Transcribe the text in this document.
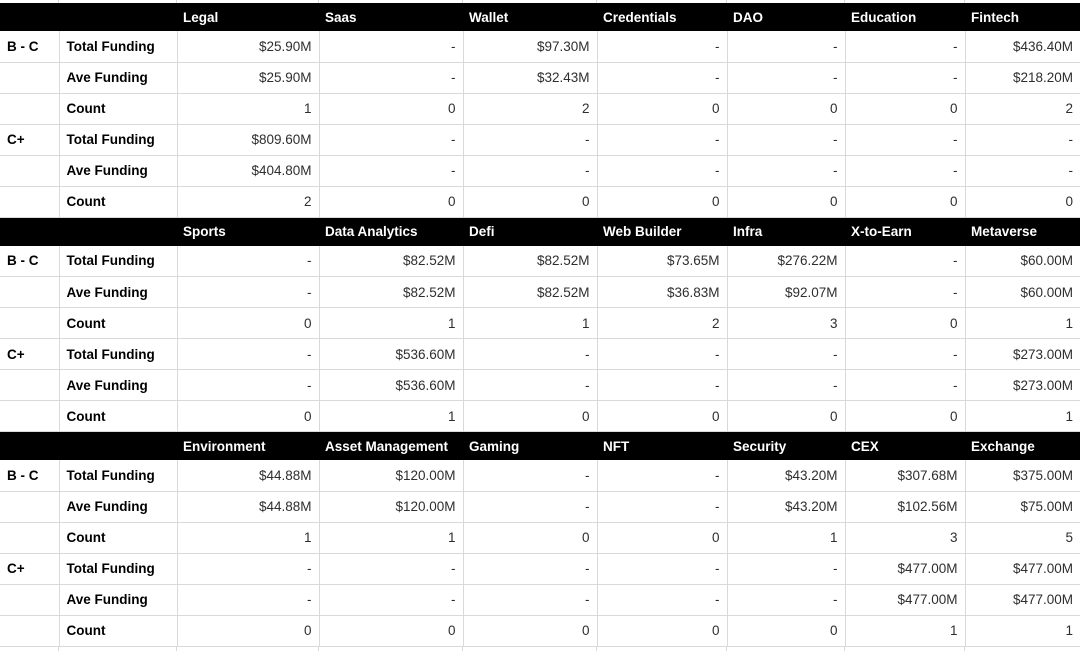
		Legal	Saas	Wallet	Credentials	DAO	Education	Fintech
B - C	Total Funding	$25.90M	-	$97.30M	-	-	-	$436.40M
	Ave Funding	$25.90M	-	$32.43M	-	-	-	$218.20M
	Count	1	0	2	0	0	0	2
C+	Total Funding	$809.60M	-	-	-	-	-	-
	Ave Funding	$404.80M	-	-	-	-	-	-
	Count	2	0	0	0	0	0	0
		Sports	Data Analytics	Defi	Web Builder	Infra	X-to-Earn	Metaverse
B - C	Total Funding	-	$82.52M	$82.52M	$73.65M	$276.22M	-	$60.00M
	Ave Funding	-	$82.52M	$82.52M	$36.83M	$92.07M	-	$60.00M
	Count	0	1	1	2	3	0	1
C+	Total Funding	-	$536.60M	-	-	-	-	$273.00M
	Ave Funding	-	$536.60M	-	-	-	-	$273.00M
	Count	0	1	0	0	0	0	1
		Environment	Asset Management	Gaming	NFT	Security	CEX	Exchange
B - C	Total Funding	$44.88M	$120.00M	-	-	$43.20M	$307.68M	$375.00M
	Ave Funding	$44.88M	$120.00M	-	-	$43.20M	$102.56M	$75.00M
	Count	1	1	0	0	1	3	5
C+	Total Funding	-	-	-	-	-	$477.00M	$477.00M
	Ave Funding	-	-	-	-	-	$477.00M	$477.00M
	Count	0	0	0	0	0	1	1
